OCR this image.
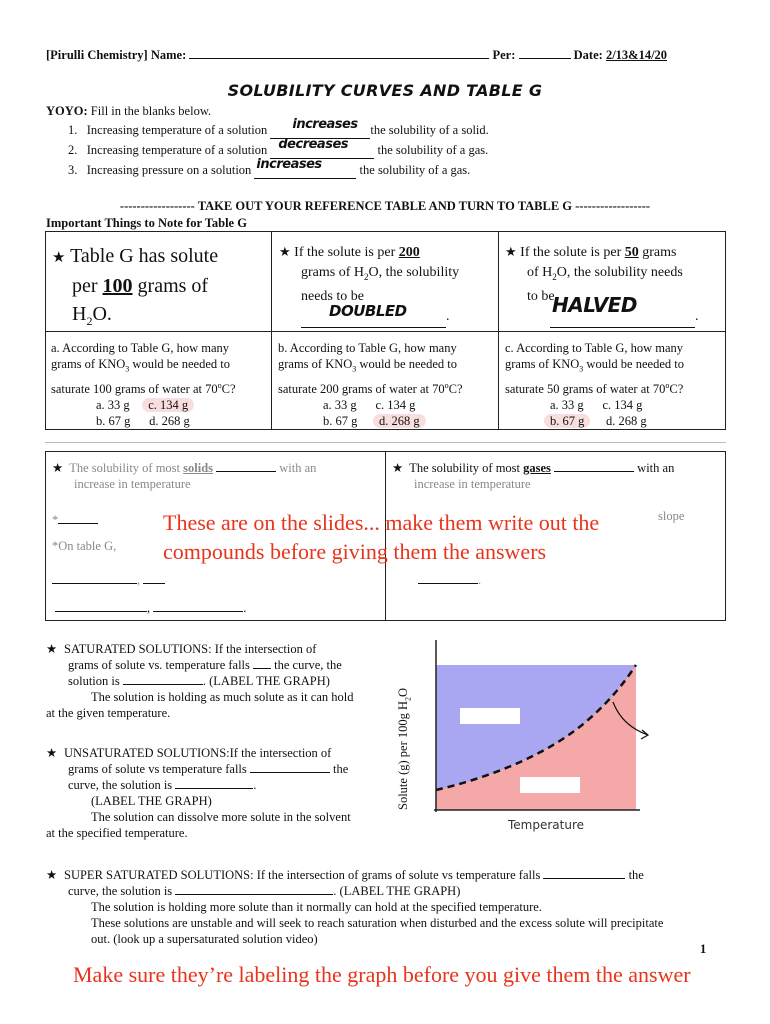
[Pirulli Chemistry] Name:	Per:	Date: 2/13&14/20
SOLUBILITY CURVES AND TABLE G
YOYO: Fill in the blanks below.
1. Increasing temperature of a solution increases the solubility of a solid.
2. Increasing temperature of a solution decreases the solubility of a gas.
3. Increasing pressure on a solution increases	the solubility of a gas.
------------------ TAKE OUT YOUR REFERENCE TABLE AND TURN TO TABLE G ------------------
Important Things to Note for Table G
★ Table G has solute
per 100 grams of
$H_2O$.
★ If the solute is per 200
grams of $H_2O$, the solubility
needs to be

DOUBLED	.
★ If the solute is per 50 grams
of $H_2O$, the solubility needs
to be

HALVED	.
a. According to Table G, how many
grams of $KNO_3$ would be needed to
saturate 100 grams of water at 70$^o$C?
a. 33 g c. 134 g
b. 67 g d. 268 g
b. According to Table G, how many
grams of $KNO_3$ would be needed to
saturate 200 grams of water at 70$^o$C?
a. 33 g c. 134 g
b. 67 g d. 268 g
c. According to Table G, how many
grams of $KNO_3$ would be needed to
saturate 50 grams of water at 70$^o$C?
a. 33 g c. 134 g
b. 67 g d. 268 g
★ The solubility of most solids	with an
increase in temperature
★ The solubility of most gases	with an
increase in temperature
*	slope
*On table G,
,	.
,	.
These are on the slides... make them write out the compounds before giving them the answers
★ SATURATED SOLUTIONS: If the intersection of
grams of solute vs. temperature falls  the curve, the
solution is	. (LABEL THE GRAPH)
The solution is holding as much solute as it can hold
at the given temperature.
★ UNSATURATED SOLUTIONS:If the intersection of
grams of solute vs temperature falls	the
curve, the solution is	.
(LABEL THE GRAPH)
The solution can dissolve more solute in the solvent
at the specified temperature.
Solute (g) per 100g $H_2O$
Temperature
★ SUPER SATURATED SOLUTIONS: If the intersection of grams of solute vs temperature falls	the
curve, the solution is	. (LABEL THE GRAPH)
The solution is holding more solute than it normally can hold at the specified temperature.
These solutions are unstable and will seek to reach saturation when disturbed and the excess solute will precipitate
out. (look up a supersaturated solution video)
1
Make sure they’re labeling the graph before you give them the answer
